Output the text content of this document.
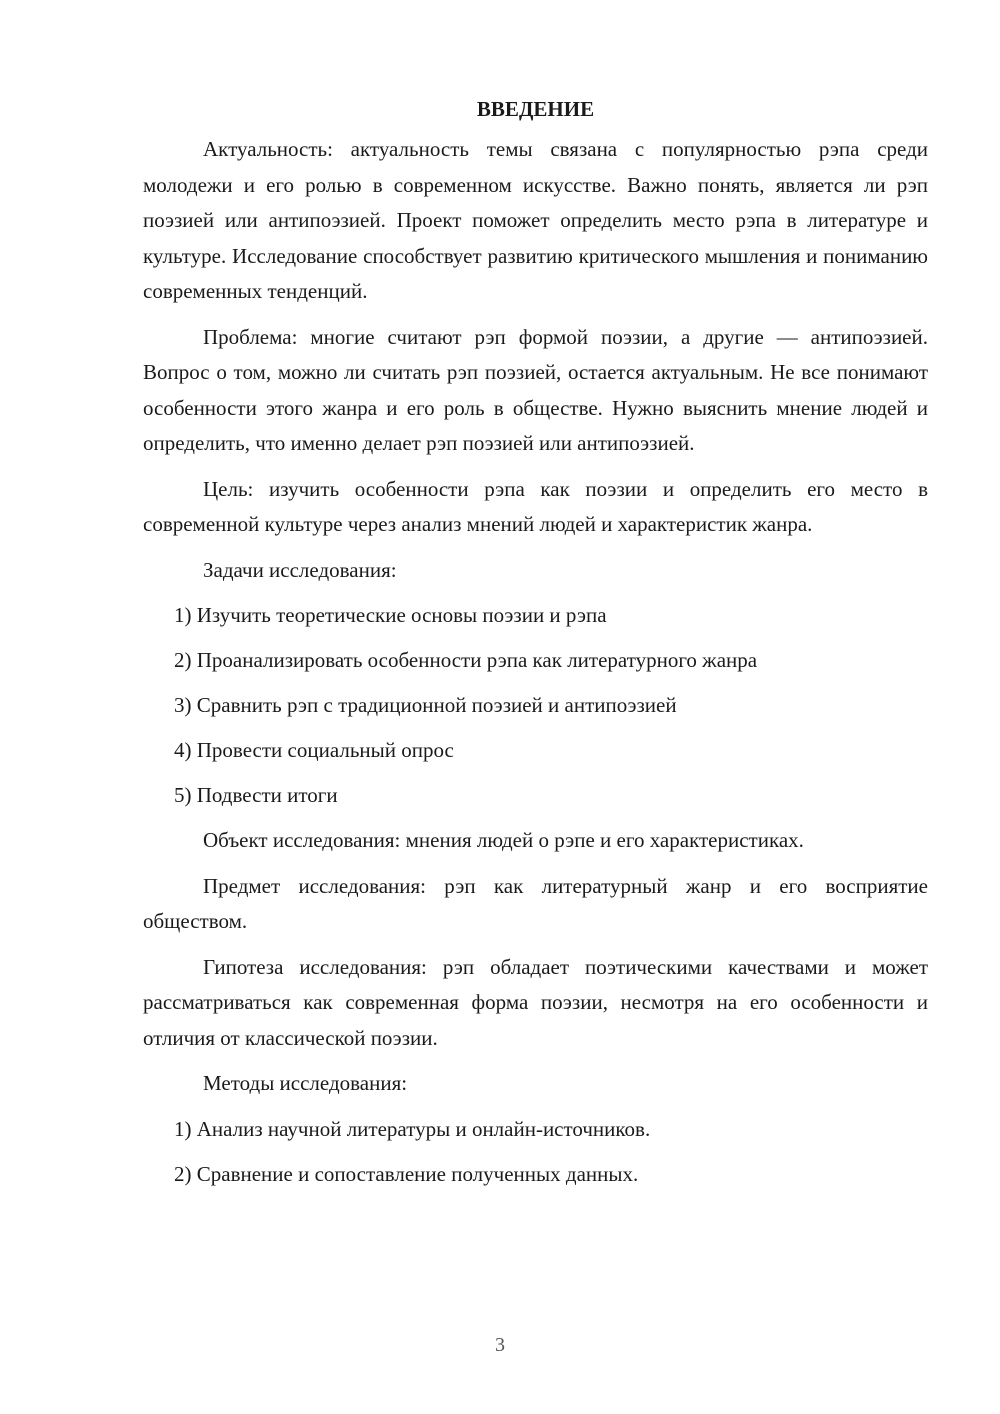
ВВЕДЕНИЕ

Актуальность: актуальность темы связана с популярностью рэпа среди молодежи и его ролью в современном искусстве. Важно понять, является ли рэп поэзией или антипоэзией. Проект поможет определить место рэпа в литературе и культуре. Исследование способствует развитию критического мышления и пониманию современных тенденций.

Проблема: многие считают рэп формой поэзии, а другие — антипоэзией. Вопрос о том, можно ли считать рэп поэзией, остается актуальным. Не все понимают особенности этого жанра и его роль в обществе. Нужно выяснить мнение людей и определить, что именно делает рэп поэзией или антипоэзией.

Цель: изучить особенности рэпа как поэзии и определить его место в современной культуре через анализ мнений людей и характеристик жанра.

Задачи исследования:

1) Изучить теоретические основы поэзии и рэпа
2) Проанализировать особенности рэпа как литературного жанра
3) Сравнить рэп с традиционной поэзией и антипоэзией
4) Провести социальный опрос
5) Подвести итоги

Объект исследования: мнения людей о рэпе и его характеристиках.

Предмет исследования: рэп как литературный жанр и его восприятие обществом.

Гипотеза исследования: рэп обладает поэтическими качествами и может рассматриваться как современная форма поэзии, несмотря на его особенности и отличия от классической поэзии.

Методы исследования:

1) Анализ научной литературы и онлайн-источников.
2) Сравнение и сопоставление полученных данных.
3
